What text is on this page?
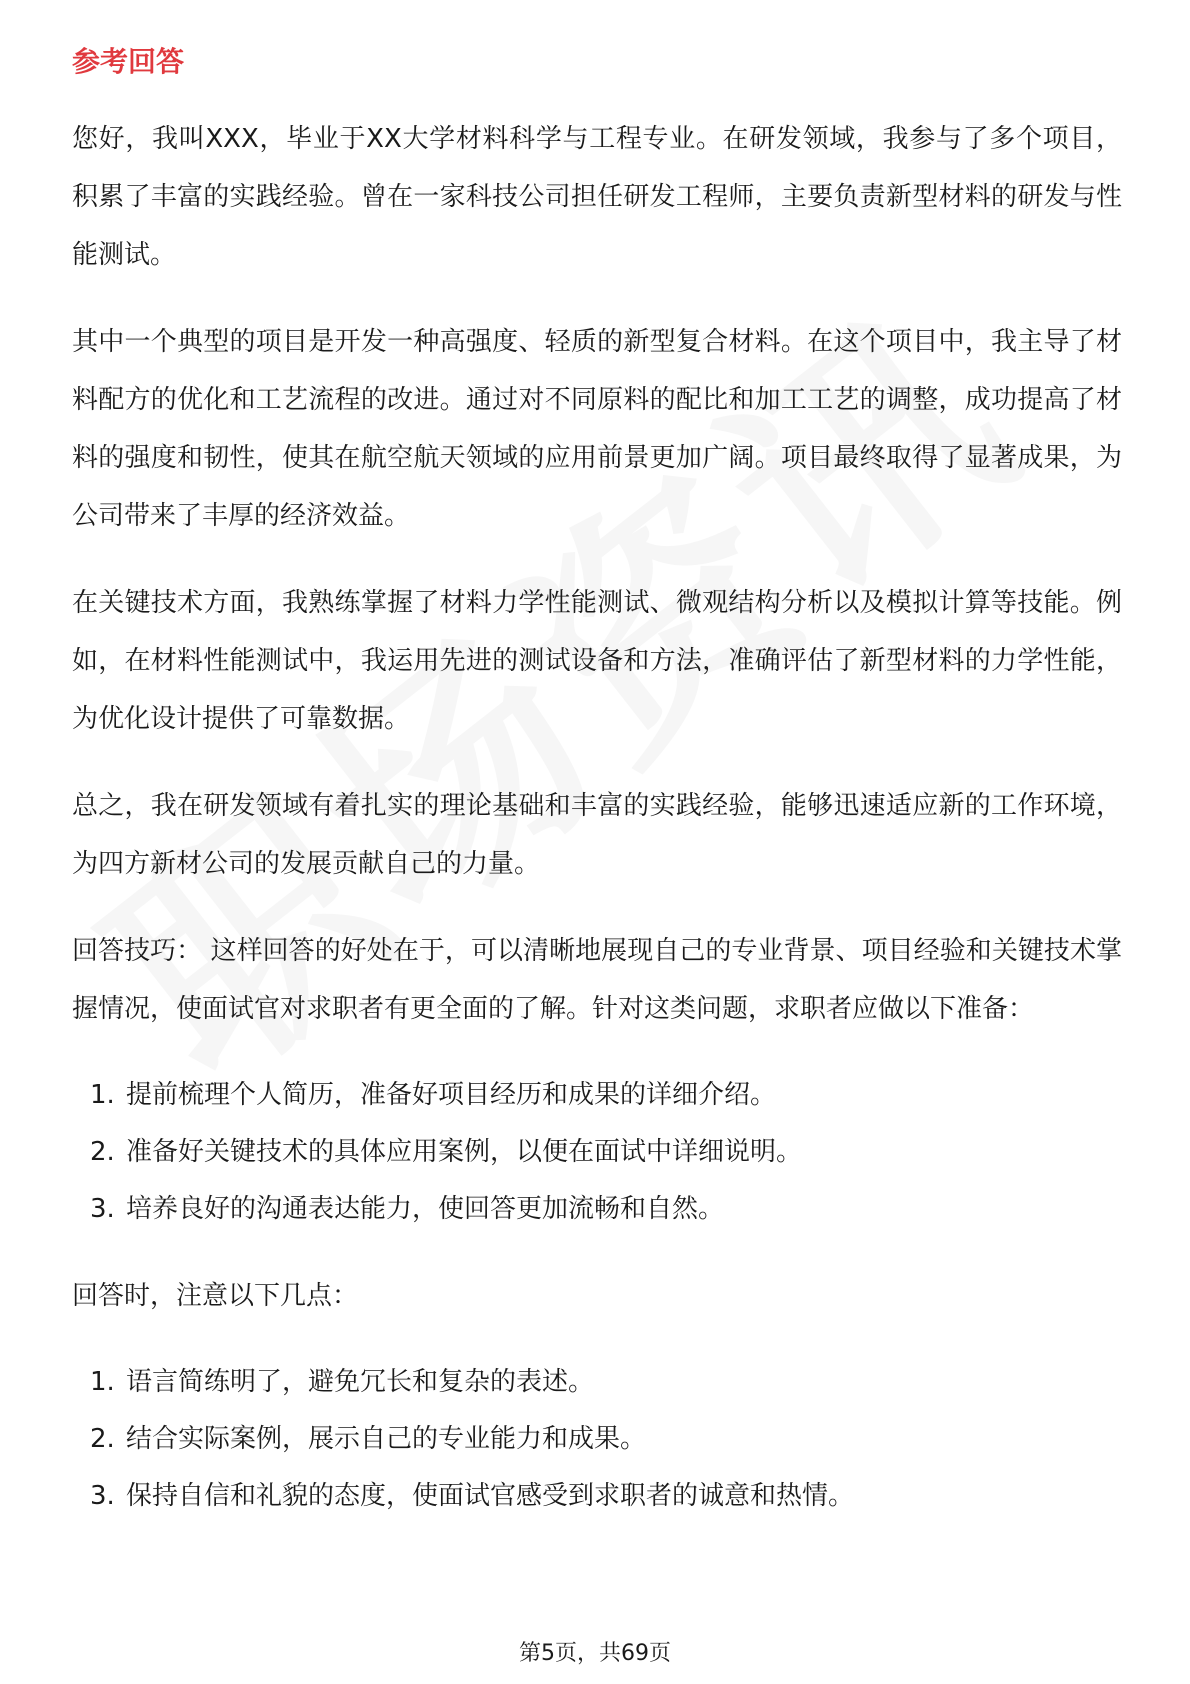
参考回答

您好，我叫XXX，毕业于XX大学材料科学与工程专业。在研发领域，我参与了多个项目，积累了丰富的实践经验。曾在一家科技公司担任研发工程师，主要负责新型材料的研发与性能测试。

其中一个典型的项目是开发一种高强度、轻质的新型复合材料。在这个项目中，我主导了材料配方的优化和工艺流程的改进。通过对不同原料的配比和加工工艺的调整，成功提高了材料的强度和韧性，使其在航空航天领域的应用前景更加广阔。项目最终取得了显著成果，为公司带来了丰厚的经济效益。

在关键技术方面，我熟练掌握了材料力学性能测试、微观结构分析以及模拟计算等技能。例如，在材料性能测试中，我运用先进的测试设备和方法，准确评估了新型材料的力学性能，为优化设计提供了可靠数据。

总之，我在研发领域有着扎实的理论基础和丰富的实践经验，能够迅速适应新的工作环境，为四方新材公司的发展贡献自己的力量。

回答技巧： 这样回答的好处在于，可以清晰地展现自己的专业背景、项目经验和关键技术掌握情况，使面试官对求职者有更全面的了解。针对这类问题，求职者应做以下准备：

1. 提前梳理个人简历，准备好项目经历和成果的详细介绍。
2. 准备好关键技术的具体应用案例，以便在面试中详细说明。
3. 培养良好的沟通表达能力，使回答更加流畅和自然。

回答时，注意以下几点：

1. 语言简练明了，避免冗长和复杂的表述。
2. 结合实际案例，展示自己的专业能力和成果。
3. 保持自信和礼貌的态度，使面试官感受到求职者的诚意和热情。
第5页，共69页
